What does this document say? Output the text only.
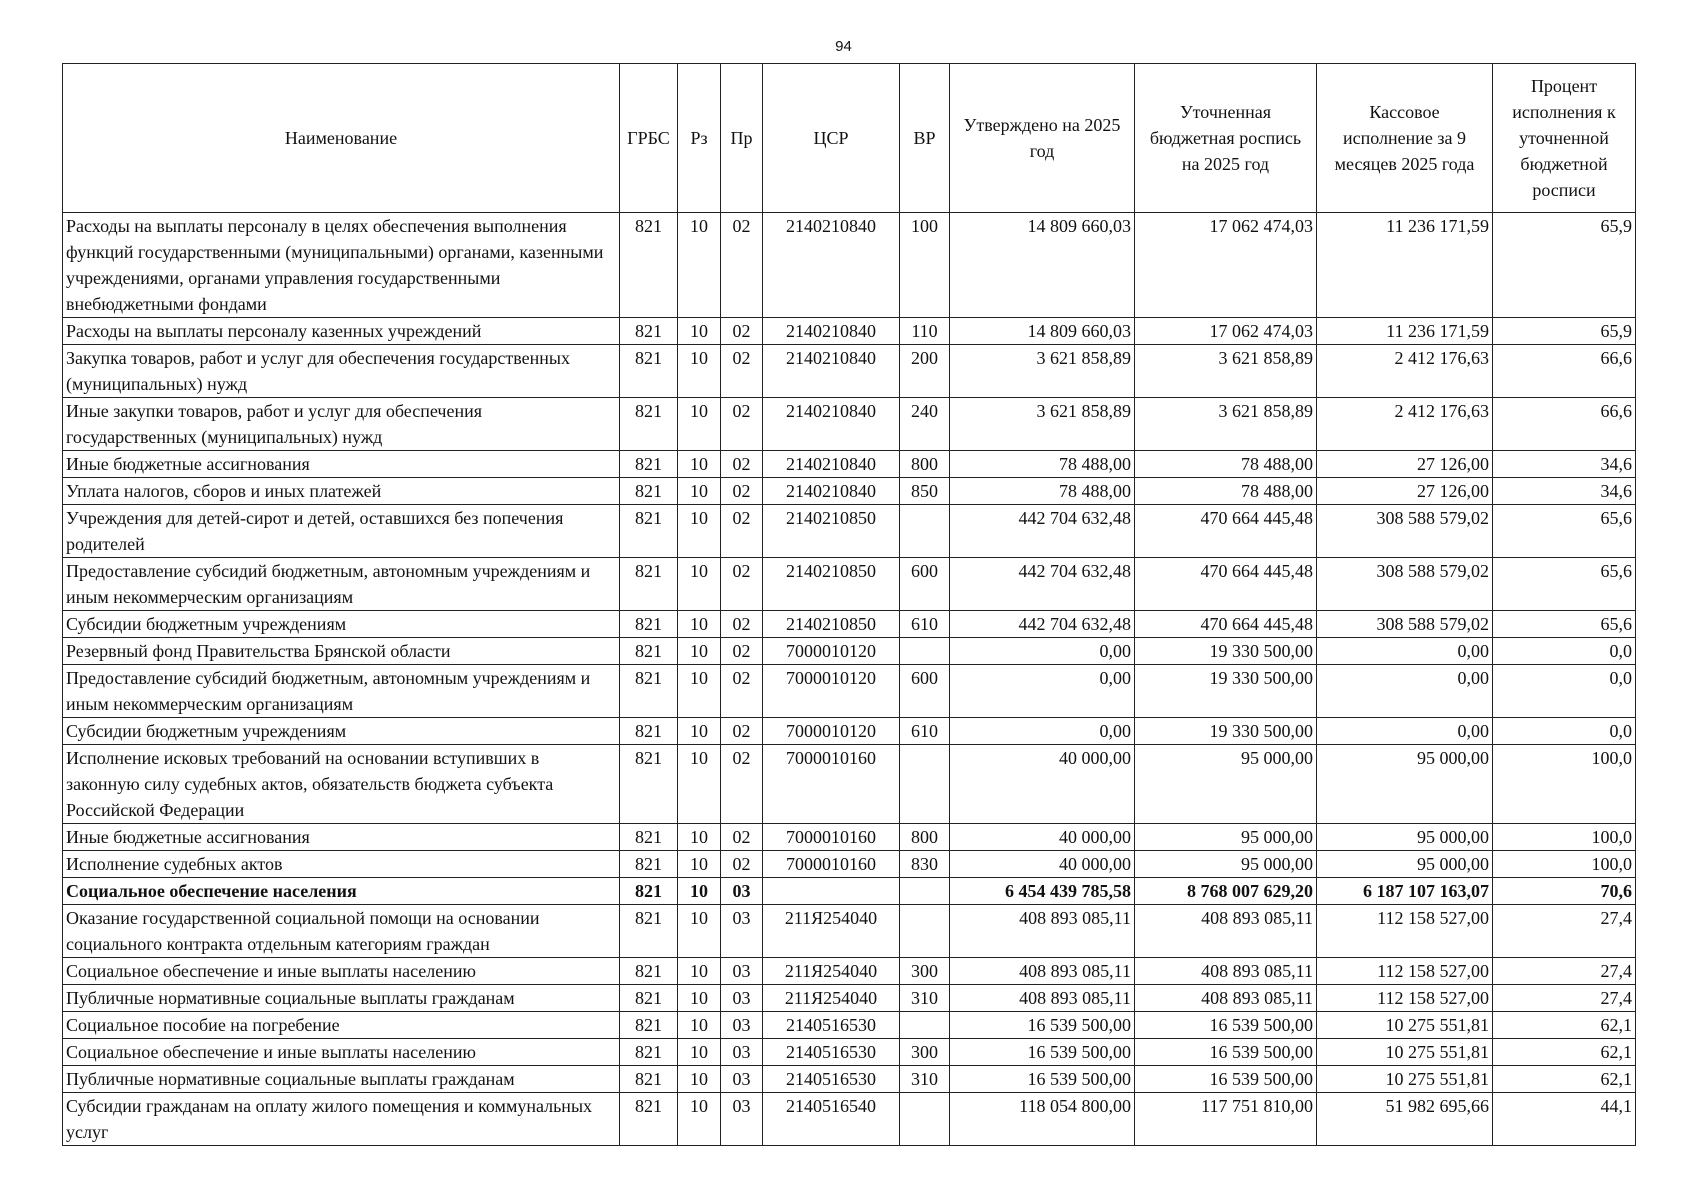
94
Наименование	ГРБС	Рз	Пр	ЦСР	ВР	Утверждено на 2025 год	Уточненная бюджетная роспись на 2025 год	Кассовое исполнение за 9 месяцев 2025 года	Процент исполнения к уточненной бюджетной росписи
Расходы на выплаты персоналу в целях обеспечения выполнения функций государственными (муниципальными) органами, казенными учреждениями, органами управления государственными внебюджетными фондами	821	10	02	2140210840	100	14 809 660,03	17 062 474,03	11 236 171,59	65,9
Расходы на выплаты персоналу казенных учреждений	821	10	02	2140210840	110	14 809 660,03	17 062 474,03	11 236 171,59	65,9
Закупка товаров, работ и услуг для обеспечения государственных (муниципальных) нужд	821	10	02	2140210840	200	3 621 858,89	3 621 858,89	2 412 176,63	66,6
Иные закупки товаров, работ и услуг для обеспечения государственных (муниципальных) нужд	821	10	02	2140210840	240	3 621 858,89	3 621 858,89	2 412 176,63	66,6
Иные бюджетные ассигнования	821	10	02	2140210840	800	78 488,00	78 488,00	27 126,00	34,6
Уплата налогов, сборов и иных платежей	821	10	02	2140210840	850	78 488,00	78 488,00	27 126,00	34,6
Учреждения для детей-сирот и детей, оставшихся без попечения родителей	821	10	02	2140210850		442 704 632,48	470 664 445,48	308 588 579,02	65,6
Предоставление субсидий бюджетным, автономным учреждениям и иным некоммерческим организациям	821	10	02	2140210850	600	442 704 632,48	470 664 445,48	308 588 579,02	65,6
Субсидии бюджетным учреждениям	821	10	02	2140210850	610	442 704 632,48	470 664 445,48	308 588 579,02	65,6
Резервный фонд Правительства Брянской области	821	10	02	7000010120		0,00	19 330 500,00	0,00	0,0
Предоставление субсидий бюджетным, автономным учреждениям и иным некоммерческим организациям	821	10	02	7000010120	600	0,00	19 330 500,00	0,00	0,0
Субсидии бюджетным учреждениям	821	10	02	7000010120	610	0,00	19 330 500,00	0,00	0,0
Исполнение исковых требований на основании вступивших в законную силу судебных актов, обязательств бюджета субъекта Российской Федерации	821	10	02	7000010160		40 000,00	95 000,00	95 000,00	100,0
Иные бюджетные ассигнования	821	10	02	7000010160	800	40 000,00	95 000,00	95 000,00	100,0
Исполнение судебных актов	821	10	02	7000010160	830	40 000,00	95 000,00	95 000,00	100,0
Социальное обеспечение населения	821	10	03			6 454 439 785,58	8 768 007 629,20	6 187 107 163,07	70,6
Оказание государственной социальной помощи на основании социального контракта отдельным категориям граждан	821	10	03	211Я254040		408 893 085,11	408 893 085,11	112 158 527,00	27,4
Социальное обеспечение и иные выплаты населению	821	10	03	211Я254040	300	408 893 085,11	408 893 085,11	112 158 527,00	27,4
Публичные нормативные социальные выплаты гражданам	821	10	03	211Я254040	310	408 893 085,11	408 893 085,11	112 158 527,00	27,4
Социальное пособие на погребение	821	10	03	2140516530		16 539 500,00	16 539 500,00	10 275 551,81	62,1
Социальное обеспечение и иные выплаты населению	821	10	03	2140516530	300	16 539 500,00	16 539 500,00	10 275 551,81	62,1
Публичные нормативные социальные выплаты гражданам	821	10	03	2140516530	310	16 539 500,00	16 539 500,00	10 275 551,81	62,1
Субсидии гражданам на оплату жилого помещения и коммунальных услуг	821	10	03	2140516540		118 054 800,00	117 751 810,00	51 982 695,66	44,1
